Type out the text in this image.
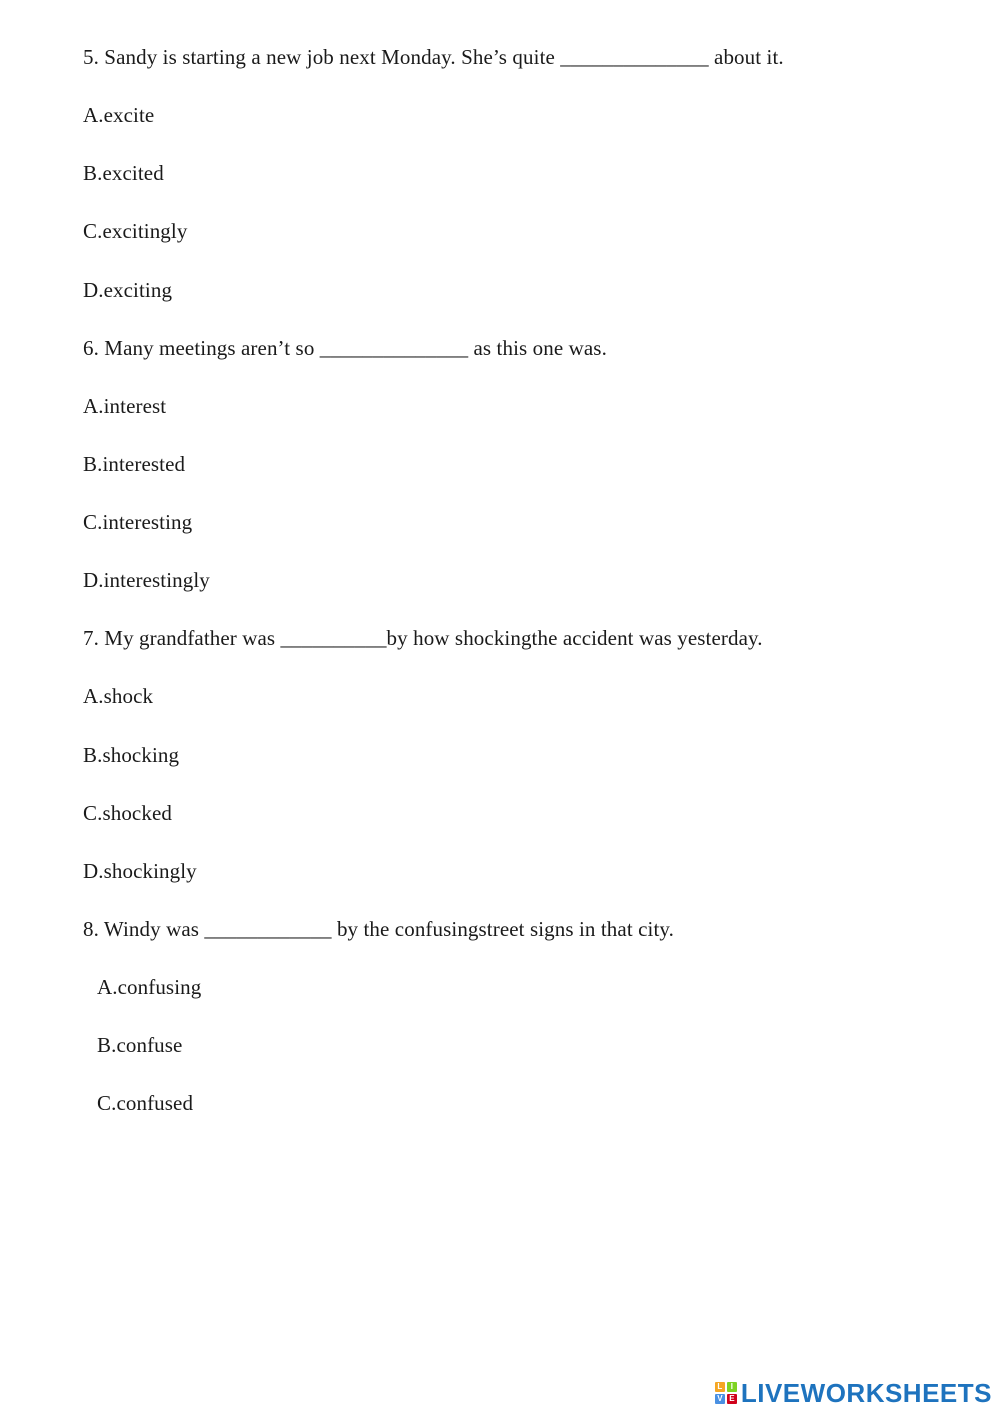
5. Sandy is starting a new job next Monday. She’s quite ______________ about it.
A.excite
B.excited
C.excitingly
D.exciting
6. Many meetings aren’t so ______________ as this one was.
A.interest
B.interested
C.interesting
D.interestingly
7. My grandfather was __________by how shockingthe accident was yesterday.
A.shock
B.shocking
C.shocked
D.shockingly
8. Windy was ____________ by the confusingstreet signs in that city.
A.confusing
B.confuse
C.confused
L	I
V E LIVEWORKSHEETS
